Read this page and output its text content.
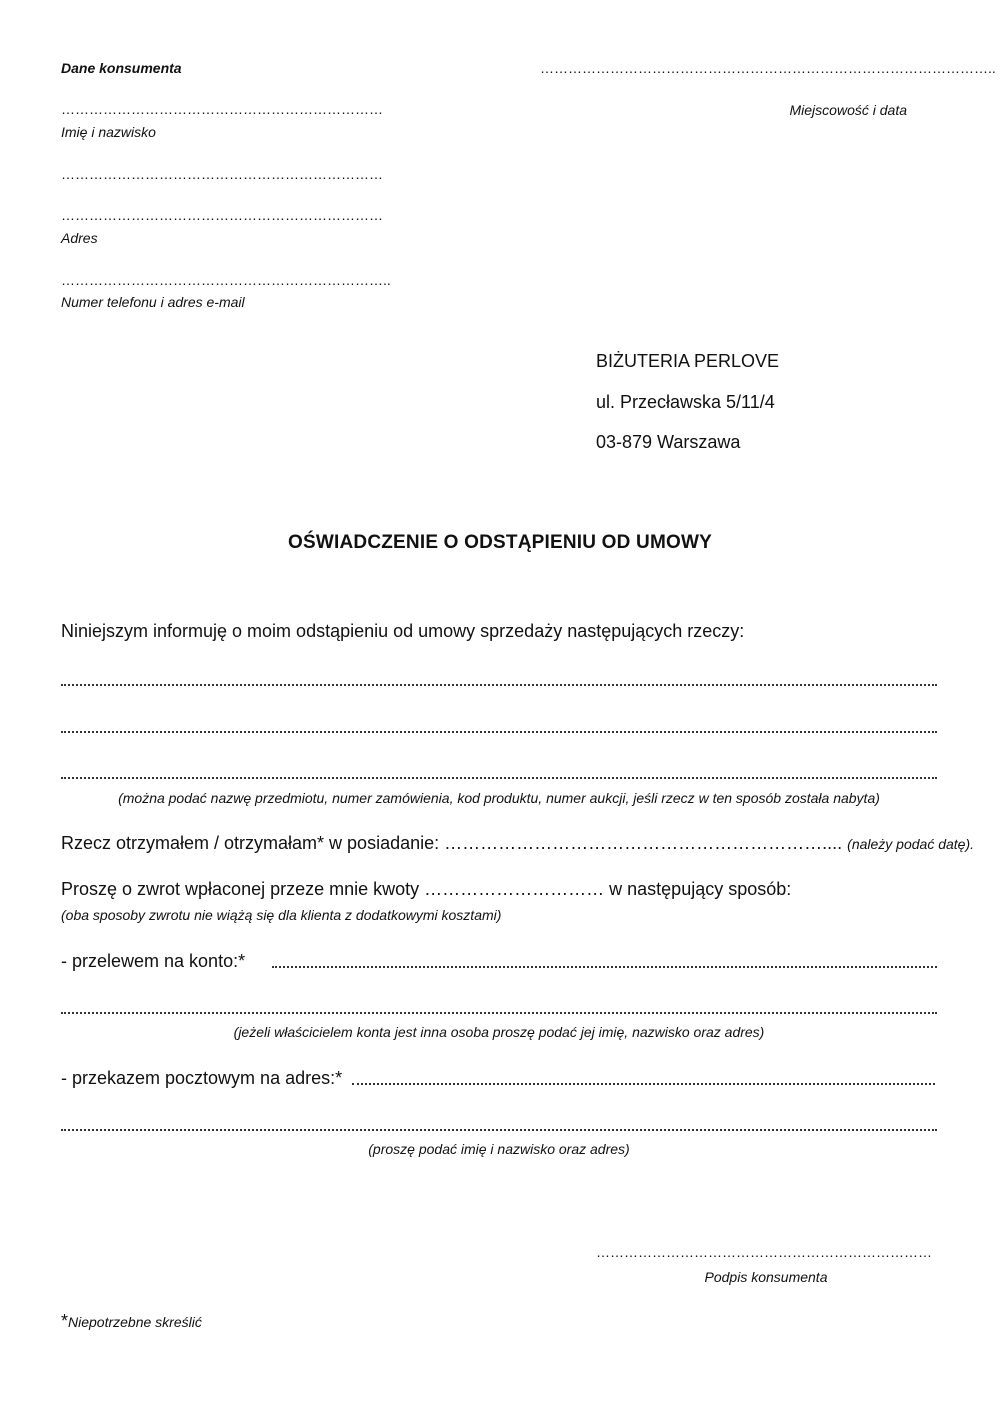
Dane konsumenta
……………………………………………………………
Imię i nazwisko
……………………………………………………………
……………………………………………………………
Adres
……………………………………………………………..
Numer telefonu i adres e-mail
……………………………………………………………………………………..
Miejscowość i data
BIŻUTERIA PERLOVE
ul. Przecławska 5/11/4
03-879 Warszawa
OŚWIADCZENIE O ODSTĄPIENIU OD UMOWY
Niniejszym informuję o moim odstąpieniu od umowy sprzedaży następujących rzeczy:
(można podać nazwę przedmiotu, numer zamówienia, kod produktu, numer aukcji, jeśli rzecz w ten sposób została nabyta)
Rzecz otrzymałem / otrzymałam* w posiadanie: ……………………………………………………….... (należy podać datę).
Proszę o zwrot wpłaconej przeze mnie kwoty ………………………… w następujący sposób:
(oba sposoby zwrotu nie wiążą się dla klienta z dodatkowymi kosztami)
- przelewem na konto:*
(jeżeli właścicielem konta jest inna osoba proszę podać jej imię, nazwisko oraz adres)
- przekazem pocztowym na adres:*
(proszę podać imię i nazwisko oraz adres)
………………………………………………………………
Podpis konsumenta
*Niepotrzebne skreślić
